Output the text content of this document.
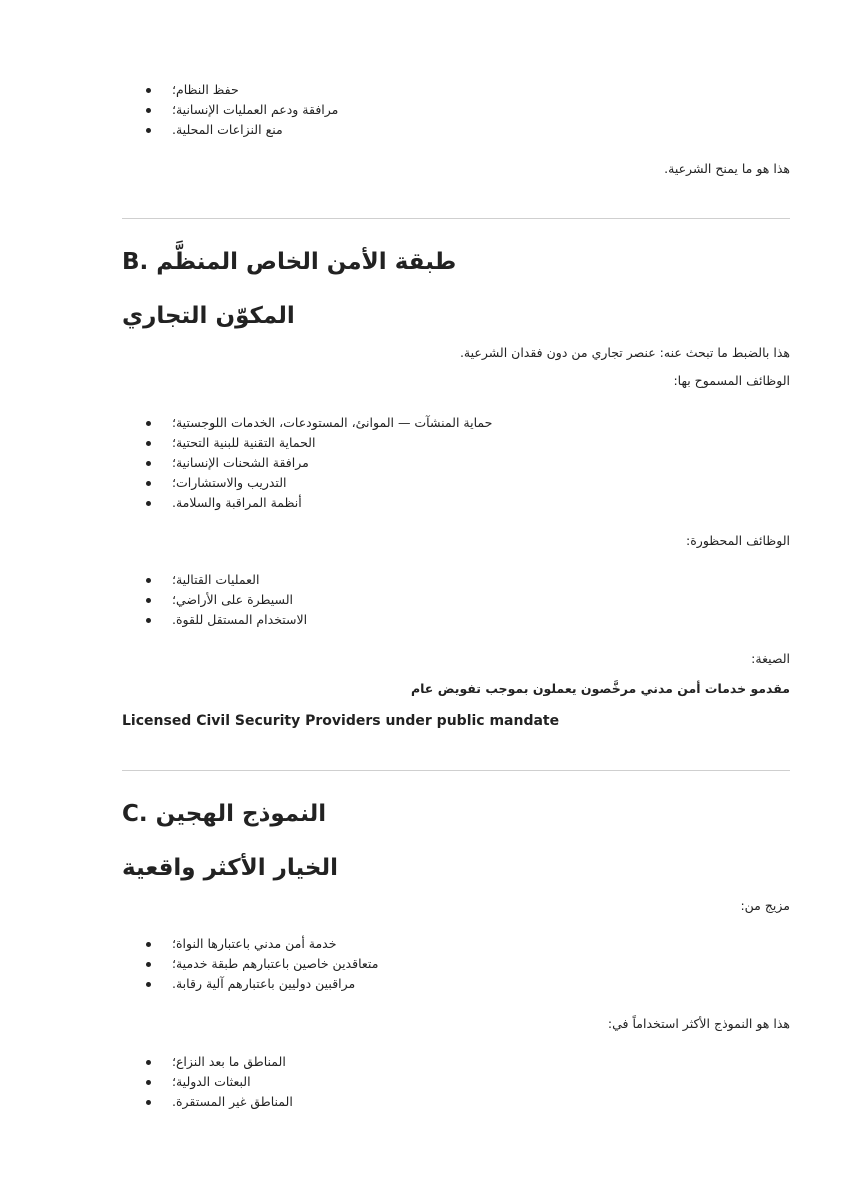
حفظ النظام؛
مرافقة ودعم العمليات الإنسانية؛
منع النزاعات المحلية.
هذا هو ما يمنح الشرعية.
B. طبقة الأمن الخاص المنظَّم
المكوّن التجاري
هذا بالضبط ما تبحث عنه: عنصر تجاري من دون فقدان الشرعية.
الوظائف المسموح بها:
حماية المنشآت — الموانئ، المستودعات، الخدمات اللوجستية؛
الحماية التقنية للبنية التحتية؛
مرافقة الشحنات الإنسانية؛
التدريب والاستشارات؛
أنظمة المراقبة والسلامة.
الوظائف المحظورة:
العمليات القتالية؛
السيطرة على الأراضي؛
الاستخدام المستقل للقوة.
الصيغة:
مقدمو خدمات أمن مدني مرخَّصون يعملون بموجب تفويض عام
Licensed Civil Security Providers under public mandate
C. النموذج الهجين
الخيار الأكثر واقعية
مزيج من:
خدمة أمن مدني باعتبارها النواة؛
متعاقدين خاصين باعتبارهم طبقة خدمية؛
مراقبين دوليين باعتبارهم آلية رقابة.
هذا هو النموذج الأكثر استخداماً في:
المناطق ما بعد النزاع؛
البعثات الدولية؛
المناطق غير المستقرة.
